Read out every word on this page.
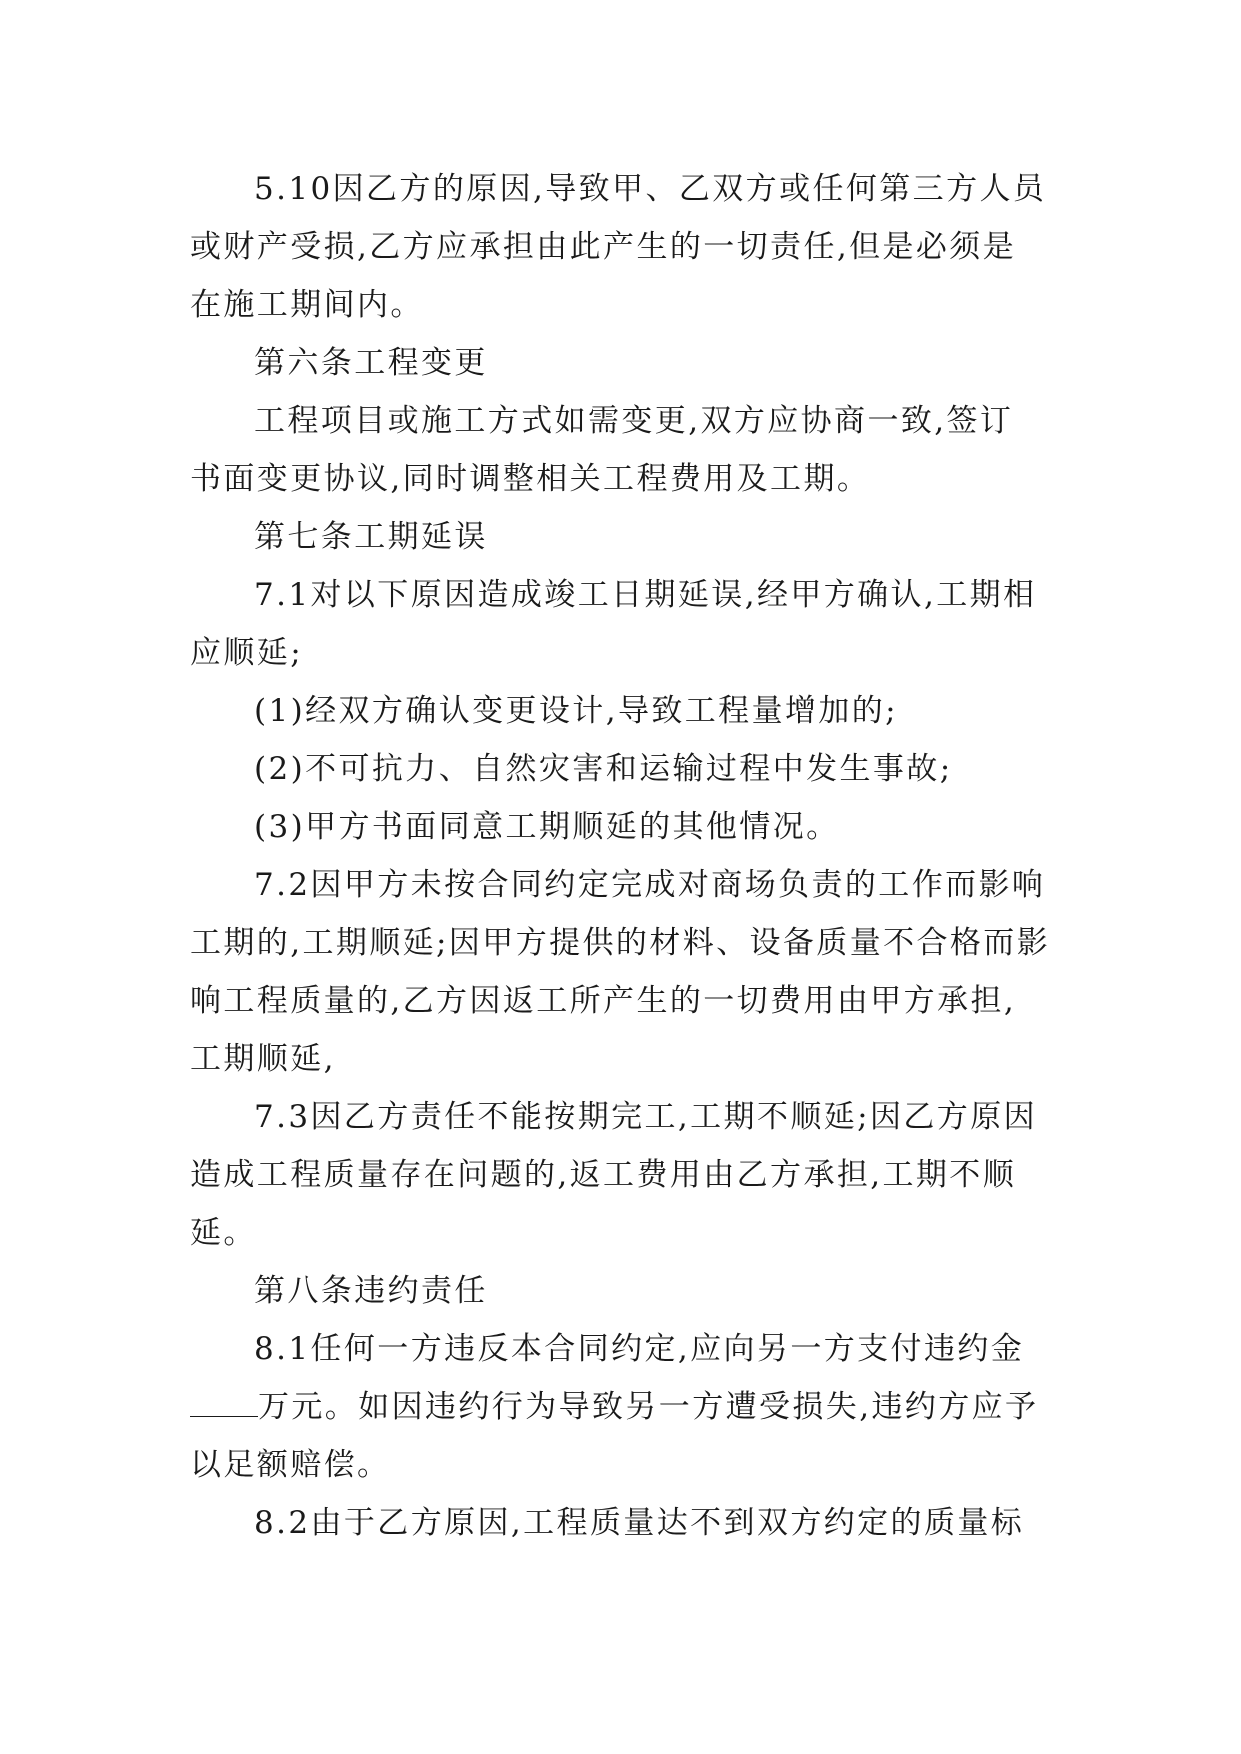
5.10因乙方的原因,导致甲、乙双方或任何第三方人员
或财产受损,乙方应承担由此产生的一切责任,但是必须是
在施工期间内。
第六条工程变更
工程项目或施工方式如需变更,双方应协商一致,签订
书面变更协议,同时调整相关工程费用及工期。
第七条工期延误
7.1对以下原因造成竣工日期延误,经甲方确认,工期相
应顺延;
(1)经双方确认变更设计,导致工程量增加的;
(2)不可抗力、自然灾害和运输过程中发生事故;
(3)甲方书面同意工期顺延的其他情况。
7.2因甲方未按合同约定完成对商场负责的工作而影响
工期的,工期顺延;因甲方提供的材料、设备质量不合格而影
响工程质量的,乙方因返工所产生的一切费用由甲方承担,
工期顺延,
7.3因乙方责任不能按期完工,工期不顺延;因乙方原因
造成工程质量存在问题的,返工费用由乙方承担,工期不顺
延。
第八条违约责任
8.1任何一方违反本合同约定,应向另一方支付违约金
万元。如因违约行为导致另一方遭受损失,违约方应予
以足额赔偿。
8.2由于乙方原因,工程质量达不到双方约定的质量标
